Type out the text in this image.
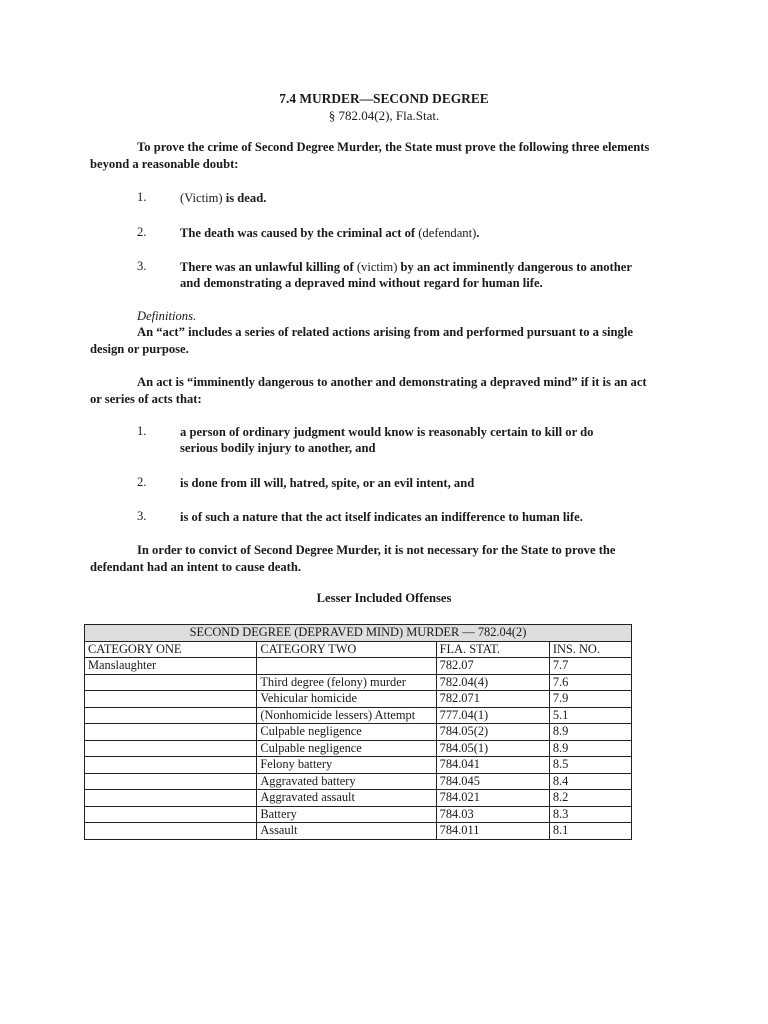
7.4 MURDER—SECOND DEGREE
§ 782.04(2), Fla.Stat.
To prove the crime of Second Degree Murder, the State must prove the following three elements beyond a reasonable doubt:
1.	(Victim) is dead.
2.	The death was caused by the criminal act of (defendant).
3.	There was an unlawful killing of (victim) by an act imminently dangerous to another
and demonstrating a depraved mind without regard for human life.
Definitions.
An “act” includes a series of related actions arising from and performed pursuant to a single design or purpose.
An act is “imminently dangerous to another and demonstrating a depraved mind” if it is an act or series of acts that:
1.	a person of ordinary judgment would know is reasonably certain to kill or do
serious bodily injury to another, and
2.	is done from ill will, hatred, spite, or an evil intent, and
3.	is of such a nature that the act itself indicates an indifference to human life.
In order to convict of Second Degree Murder, it is not necessary for the State to prove the defendant had an intent to cause death.
Lesser Included Offenses
SECOND DEGREE (DEPRAVED MIND) MURDER — 782.04(2)			
CATEGORY ONE	CATEGORY TWO	FLA. STAT.	INS. NO.
Manslaughter		782.07	7.7
	Third degree (felony) murder	782.04(4)	7.6
	Vehicular homicide	782.071	7.9
	(Nonhomicide lessers) Attempt	777.04(1)	5.1
	Culpable negligence	784.05(2)	8.9
	Culpable negligence	784.05(1)	8.9
	Felony battery	784.041	8.5
	Aggravated battery	784.045	8.4
	Aggravated assault	784.021	8.2
	Battery	784.03	8.3
	Assault	784.011	8.1
